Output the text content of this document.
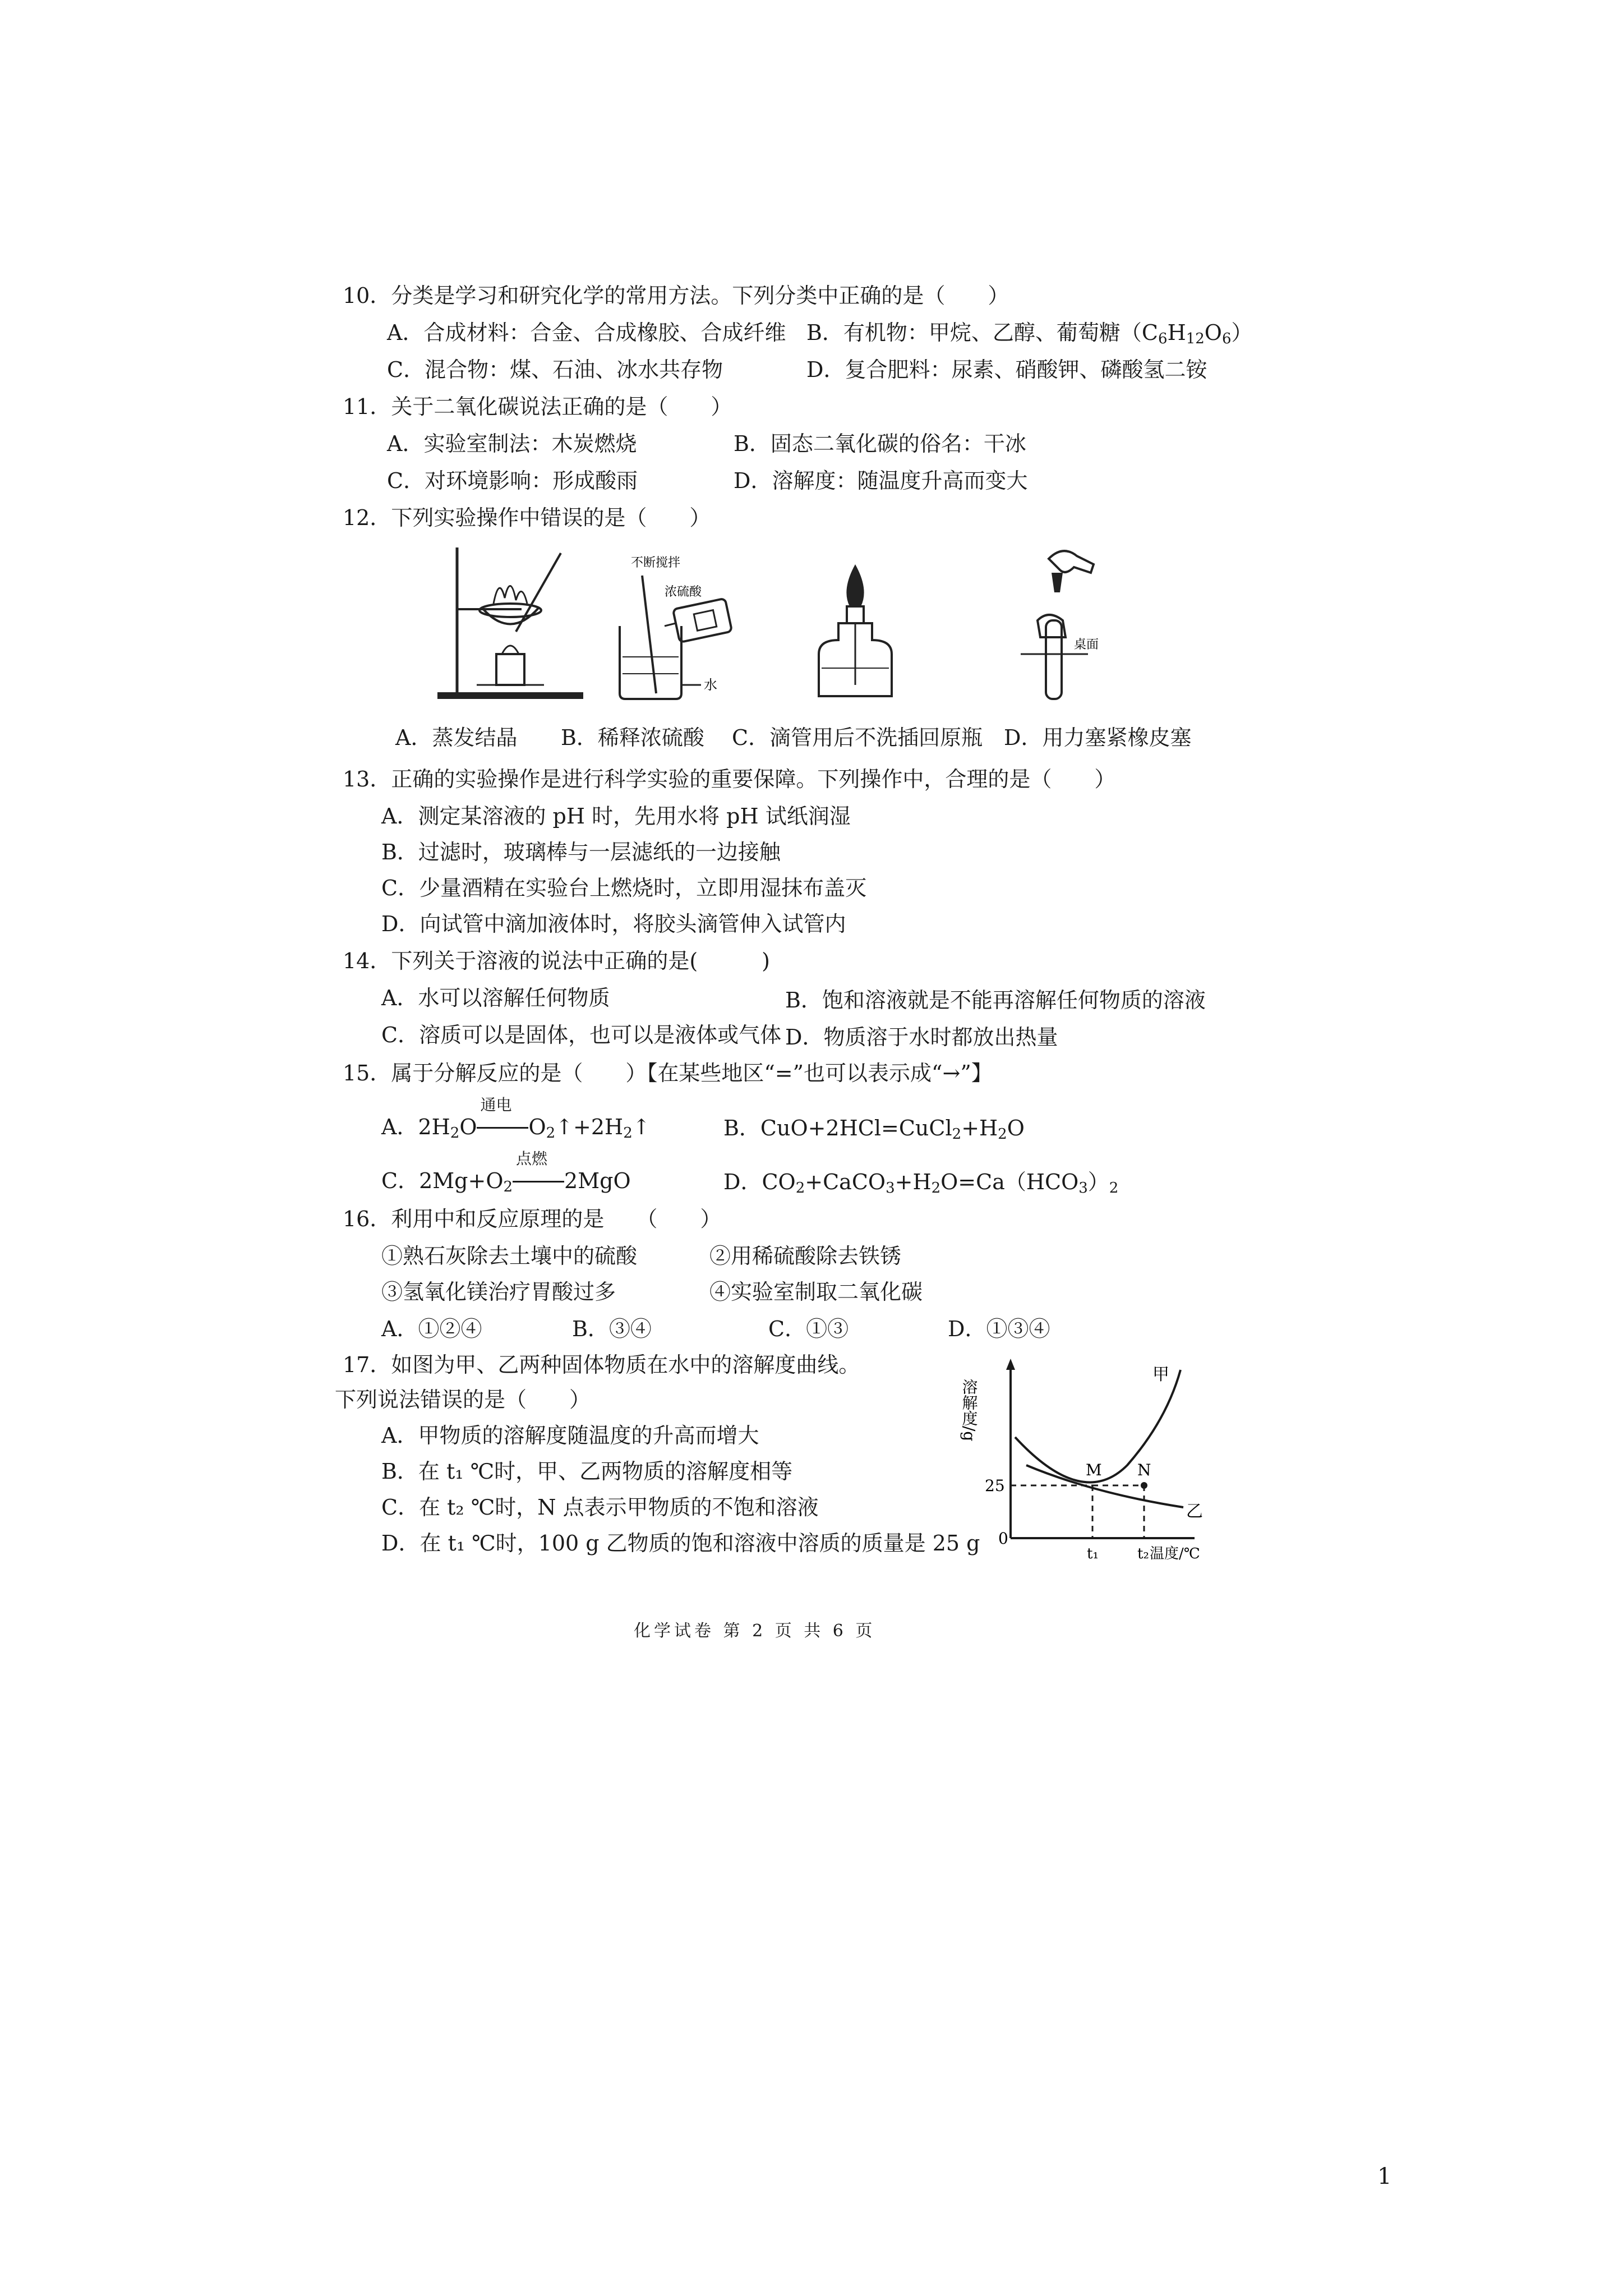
10．分类是学习和研究化学的常用方法。下列分类中正确的是（　　）
A．合成材料：合金、合成橡胶、合成纤维 B．有机物：甲烷、乙醇、葡萄糖$(C_6H_{12}O_6)$
C．混合物：煤、石油、冰水共存物	D．复合肥料：尿素、硝酸钾、磷酸氢二铵
11．关于二氧化碳说法正确的是（　　）
A．实验室制法：木炭燃烧	B．固态二氧化碳的俗名：干冰
C．对环境影响：形成酸雨	D．溶解度：随温度升高而变大
12．下列实验操作中错误的是（　　）
不断搅拌
浓硫酸
水
桌面
A．蒸发结晶 B．稀释浓硫酸 C．滴管用后不洗插回原瓶 D．用力塞紧橡皮塞
13．正确的实验操作是进行科学实验的重要保障。下列操作中，合理的是（　　）
A．测定某溶液的 pH 时，先用水将 pH 试纸润湿
B．过滤时，玻璃棒与一层滤纸的一边接触
C．少量酒精在实验台上燃烧时，立即用湿抹布盖灭
D．向试管中滴加液体时，将胶头滴管伸入试管内
14．下列关于溶液的说法中正确的是(　　　)
A．水可以溶解任何物质	B．饱和溶液就是不能再溶解任何物质的溶液
C．溶质可以是固体，也可以是液体或气体 D．物质溶于水时都放出热量
15．属于分解反应的是（　　）【在某些地区“=”也可以表示成“→”】
A．$2H_2O$
通电
$O_2↑+2H_2↑$	B．$CuO+2HCl=CuCl_2+H_2O$
C．$2Mg+O_2$
点燃
2MgO	D．$CO_2+CaCO_3+H_2O=Ca(HCO_3)_2$
16．利用中和反应原理的是　　（　　）
①熟石灰除去土壤中的硫酸	②用稀硫酸除去铁锈
③氢氧化镁治疗胃酸过多	④实验室制取二氧化碳
A．①②④	B．③④	C．①③	D．①③④
17．如图为甲、乙两种固体物质在水中的溶解度曲线。
下列说法错误的是（　　）
A．甲物质的溶解度随温度的升高而增大
B．在 t₁ ℃时，甲、乙两物质的溶解度相等
C．在 t₂ ℃时，N 点表示甲物质的不饱和溶液
D．在 t₁ ℃时，100 g 乙物质的饱和溶液中溶质的质量是 25 g
溶解度/g
0
25
甲
乙
M N
t₁	t₂ 温度/℃
化学试卷 第 2 页 共 6 页
1
